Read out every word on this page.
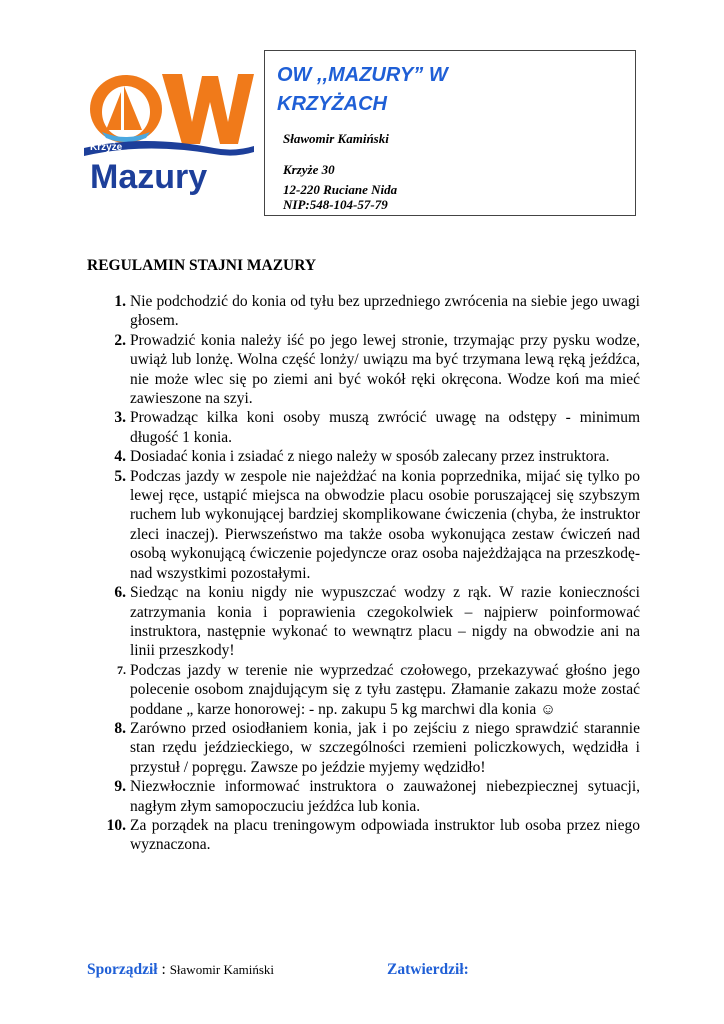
Krzyże
Mazury
OW ,,MAZURY” W
KRZYŻACH

Sławomir Kamiński

Krzyże 30

12-220 Ruciane Nida

NIP:548-104-57-79

REGULAMIN STAJNI MAZURY
1. Nie podchodzić do konia od tyłu bez uprzedniego zwrócenia na siebie jego uwagi głosem.
2. Prowadzić konia należy iść po jego lewej stronie, trzymając przy pysku wodze, uwiąż lub lonżę. Wolna część lonży/ uwiązu ma być trzymana lewą ręką jeźdźca, nie może wlec się po ziemi ani być wokół ręki okręcona. Wodze koń ma mieć zawieszone na szyi.
3. Prowadząc kilka koni osoby muszą zwrócić uwagę na odstępy - minimum długość 1 konia.
4. Dosiadać konia i zsiadać z niego należy w sposób zalecany przez instruktora.
5. Podczas jazdy w zespole nie najeżdżać na konia poprzednika, mijać się tylko po lewej ręce, ustąpić miejsca na obwodzie placu osobie poruszającej się szybszym ruchem lub wykonującej bardziej skomplikowane ćwiczenia (chyba, że instruktor zleci inaczej). Pierwszeństwo ma także osoba wykonująca zestaw ćwiczeń nad osobą wykonującą ćwiczenie pojedyncze oraz osoba najeżdżająca na przeszkodę- nad wszystkimi pozostałymi.
6. Siedząc na koniu nigdy nie wypuszczać wodzy z rąk. W razie konieczności zatrzymania konia i poprawienia czegokolwiek – najpierw poinformować instruktora, następnie wykonać to wewnątrz placu – nigdy na obwodzie ani na linii przeszkody!
7. Podczas jazdy w terenie nie wyprzedzać czołowego, przekazywać głośno jego polecenie osobom znajdującym się z tyłu zastępu. Złamanie zakazu może zostać poddane „ karze honorowej: - np. zakupu 5 kg marchwi dla konia ☺
8. Zarówno przed osiodłaniem konia, jak i po zejściu z niego sprawdzić starannie stan rzędu jeździeckiego, w szczególności rzemieni policzkowych, wędzidła i przystuł / popręgu. Zawsze po jeździe myjemy wędzidło!
9. Niezwłocznie informować instruktora o zauważonej niebezpiecznej sytuacji, nagłym złym samopoczuciu jeźdźca lub konia.
10. Za porządek na placu treningowym odpowiada instruktor lub osoba przez niego wyznaczona.
Sporządził : Sławomir Kamiński	Zatwierdził:
